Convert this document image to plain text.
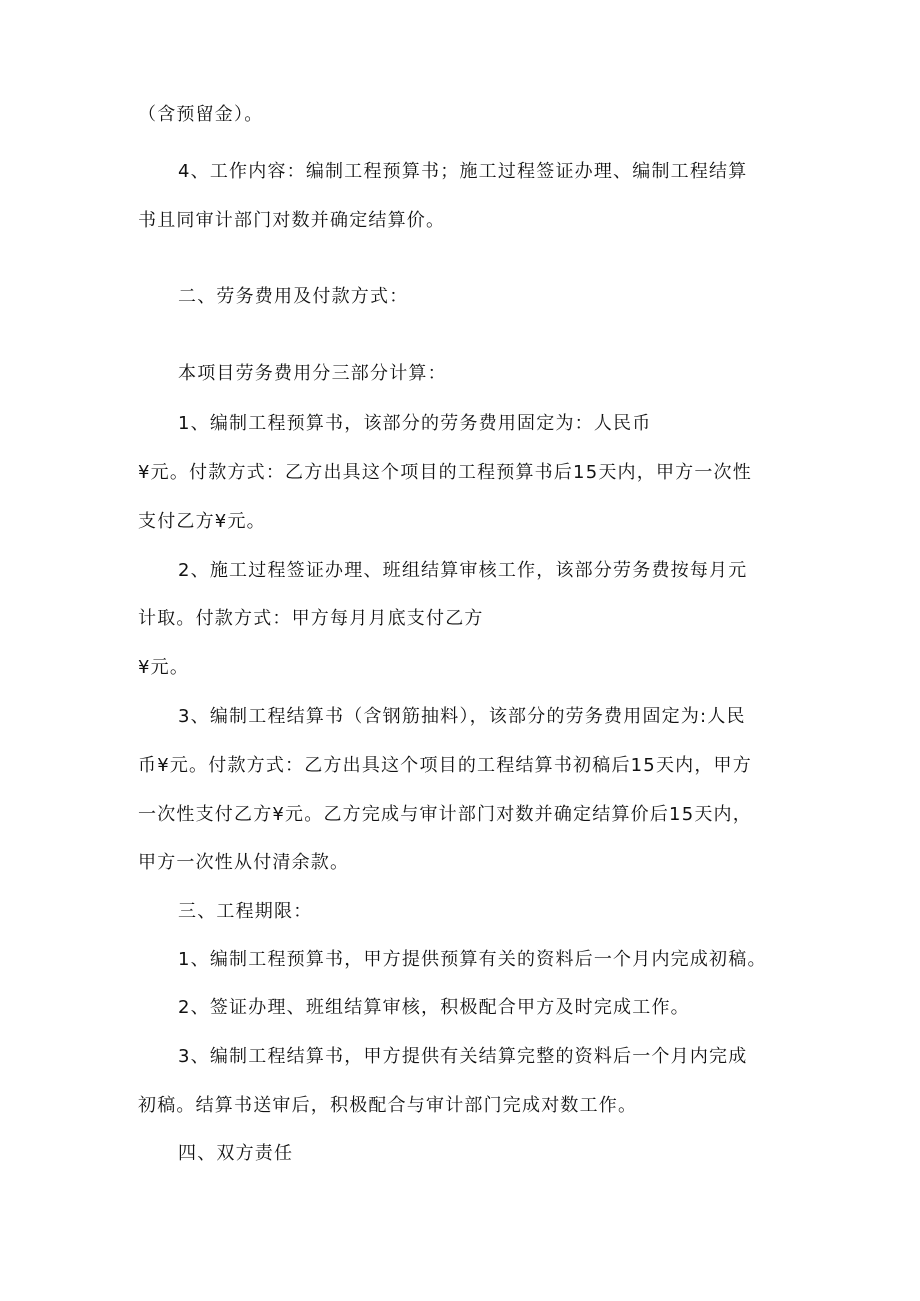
（含预留金）。
4、工作内容：编制工程预算书；施工过程签证办理、编制工程结算
书且同审计部门对数并确定结算价。
二、劳务费用及付款方式：
本项目劳务费用分三部分计算：
1、编制工程预算书，该部分的劳务费用固定为：人民币
¥元。付款方式：乙方出具这个项目的工程预算书后15天内，甲方一次性
支付乙方¥元。
2、施工过程签证办理、班组结算审核工作，该部分劳务费按每月元
计取。付款方式：甲方每月月底支付乙方
¥元。
3、编制工程结算书（含钢筋抽料），该部分的劳务费用固定为:人民
币¥元。付款方式：乙方出具这个项目的工程结算书初稿后15天内，甲方
一次性支付乙方¥元。乙方完成与审计部门对数并确定结算价后15天内，
甲方一次性从付清余款。
三、工程期限：
1、编制工程预算书，甲方提供预算有关的资料后一个月内完成初稿。
2、签证办理、班组结算审核，积极配合甲方及时完成工作。
3、编制工程结算书，甲方提供有关结算完整的资料后一个月内完成
初稿。结算书送审后，积极配合与审计部门完成对数工作。
四、双方责任
